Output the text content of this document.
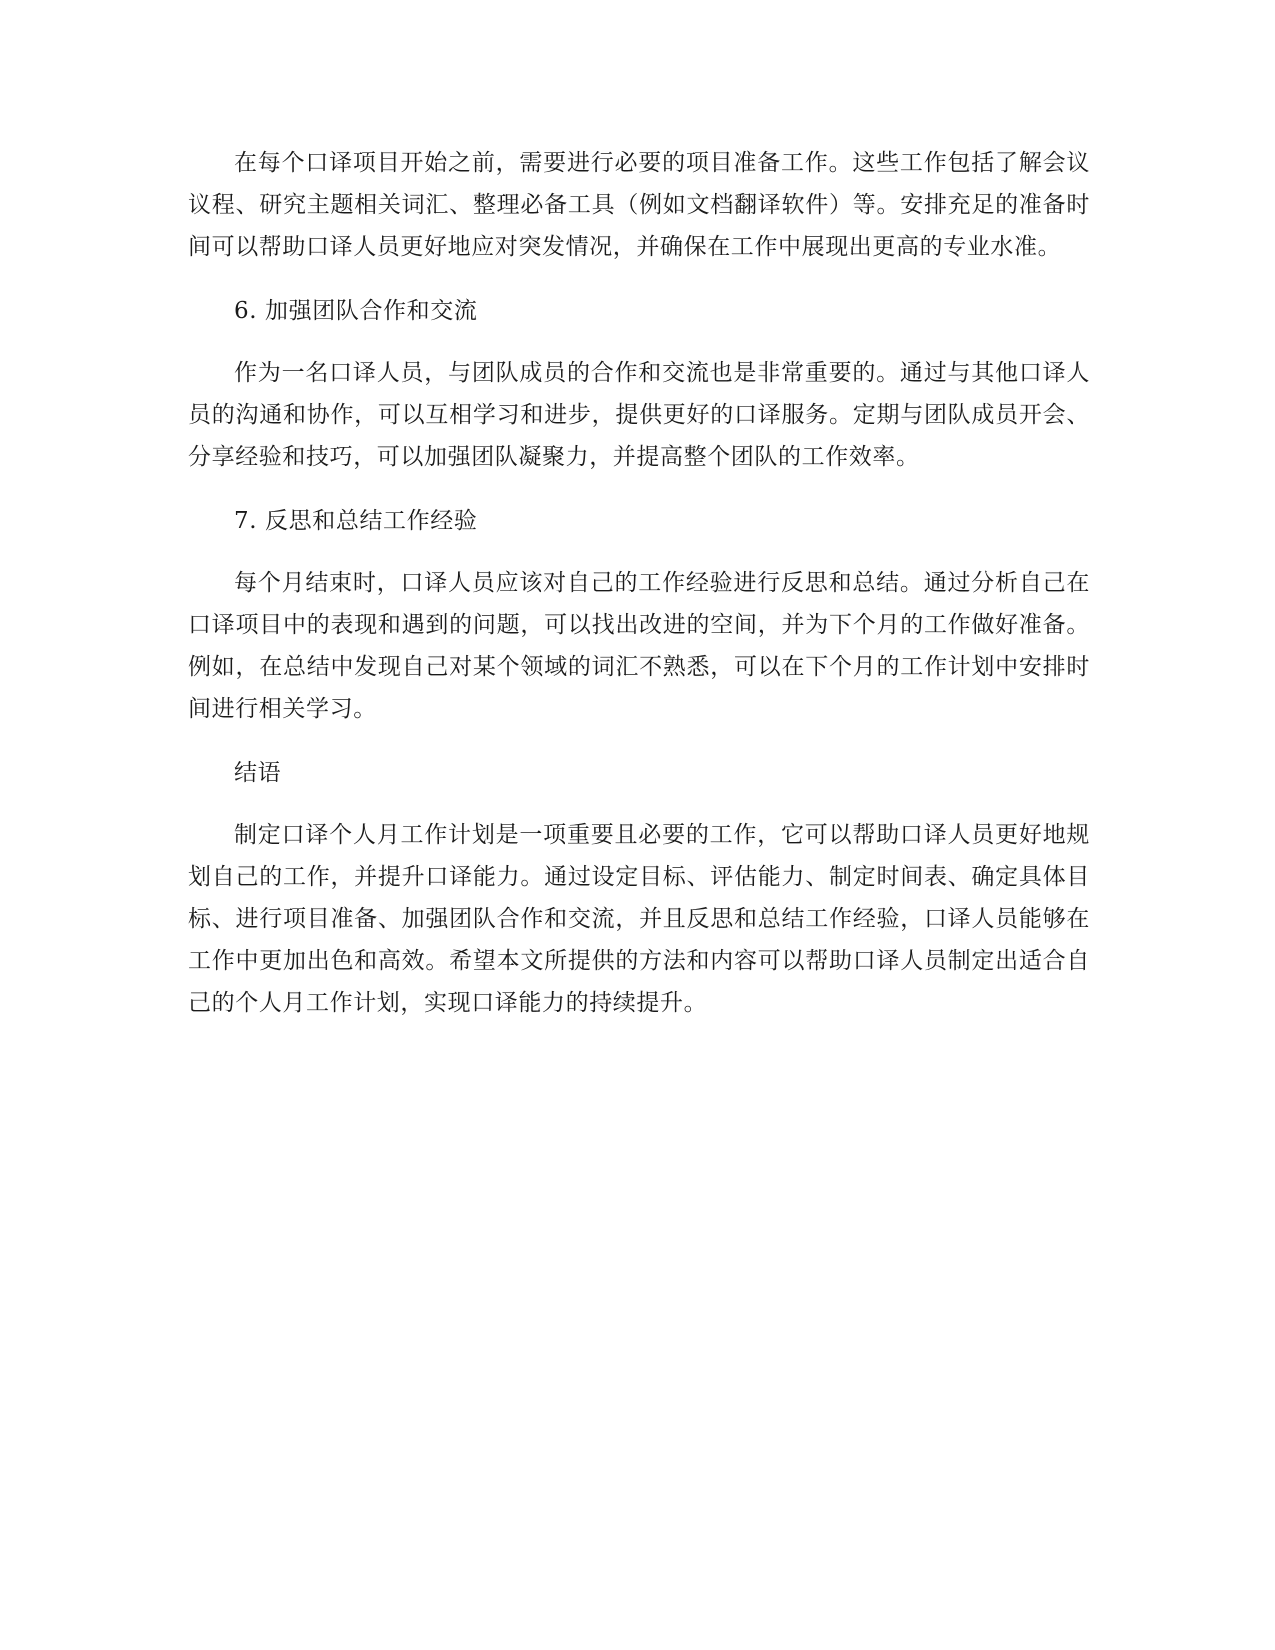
在每个口译项目开始之前，需要进行必要的项目准备工作。这些工作包括了解会议议程、研究主题相关词汇、整理必备工具（例如文档翻译软件）等。安排充足的准备时间可以帮助口译人员更好地应对突发情况，并确保在工作中展现出更高的专业水准。

6. 加强团队合作和交流

作为一名口译人员，与团队成员的合作和交流也是非常重要的。通过与其他口译人员的沟通和协作，可以互相学习和进步，提供更好的口译服务。定期与团队成员开会、分享经验和技巧，可以加强团队凝聚力，并提高整个团队的工作效率。

7. 反思和总结工作经验

每个月结束时，口译人员应该对自己的工作经验进行反思和总结。通过分析自己在口译项目中的表现和遇到的问题，可以找出改进的空间，并为下个月的工作做好准备。例如，在总结中发现自己对某个领域的词汇不熟悉，可以在下个月的工作计划中安排时间进行相关学习。

结语

制定口译个人月工作计划是一项重要且必要的工作，它可以帮助口译人员更好地规划自己的工作，并提升口译能力。通过设定目标、评估能力、制定时间表、确定具体目标、进行项目准备、加强团队合作和交流，并且反思和总结工作经验，口译人员能够在工作中更加出色和高效。希望本文所提供的方法和内容可以帮助口译人员制定出适合自己的个人月工作计划，实现口译能力的持续提升。
